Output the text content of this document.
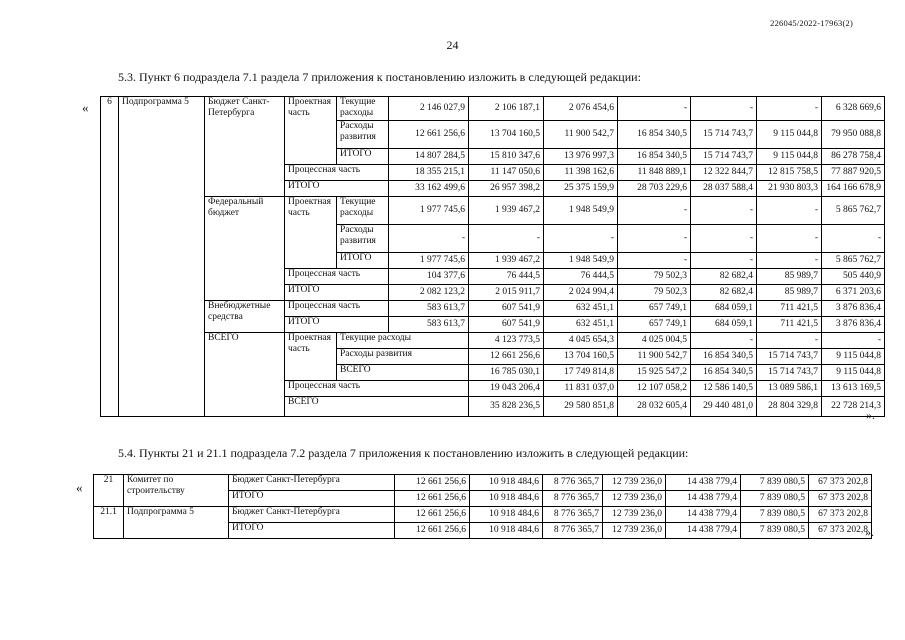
226045/2022-17963(2)
24
5.3. Пункт 6 подраздела 7.1 раздела 7 приложения к постановлению изложить в следующей редакции:
«
».
6	Подпрограмма 5	Бюджет Санкт-Петербурга	Проектная часть	Текущие расходы	2 146 027,9	2 106 187,1	2 076 454,6	-	-	-	6 328 669,6	
				Расходы развития	12 661 256,6	13 704 160,5	11 900 542,7	16 854 340,5	15 714 743,7	9 115 044,8	79 950 088,8	
				ИТОГО	14 807 284,5	15 810 347,6	13 976 997,3	16 854 340,5	15 714 743,7	9 115 044,8	86 278 758,4	
			Процессная часть		18 355 215,1	11 147 050,6	11 398 162,6	11 848 889,1	12 322 844,7	12 815 758,5	77 887 920,5	
			ИТОГО		33 162 499,6	26 957 398,2	25 375 159,9	28 703 229,6	28 037 588,4	21 930 803,3	164 166 678,9	
		Федеральный бюджет	Проектная часть	Текущие расходы	1 977 745,6	1 939 467,2	1 948 549,9	-	-	-	5 865 762,7	
				Расходы развития	-	-	-	-	-	-	-	
				ИТОГО	1 977 745,6	1 939 467,2	1 948 549,9	-	-	-	5 865 762,7	
			Процессная часть		104 377,6	76 444,5	76 444,5	79 502,3	82 682,4	85 989,7	505 440,9	
			ИТОГО		2 082 123,2	2 015 911,7	2 024 994,4	79 502,3	82 682,4	85 989,7	6 371 203,6	
		Внебюджетные средства	Процессная часть		583 613,7	607 541,9	632 451,1	657 749,1	684 059,1	711 421,5	3 876 836,4	
			ИТОГО		583 613,7	607 541,9	632 451,1	657 749,1	684 059,1	711 421,5	3 876 836,4	
		ВСЕГО	Проектная часть	Текущие расходы		4 123 773,5	4 045 654,3	4 025 004,5	-	-	-	
				Расходы развития		12 661 256,6	13 704 160,5	11 900 542,7	16 854 340,5	15 714 743,7	9 115 044,8	
				ВСЕГО		16 785 030,1	17 749 814,8	15 925 547,2	16 854 340,5	15 714 743,7	9 115 044,8	
			Процессная часть			19 043 206,4	11 831 037,0	12 107 058,2	12 586 140,5	13 089 586,1	13 613 169,5	
			ВСЕГО			35 828 236,5	29 580 851,8	28 032 605,4	29 440 481,0	28 804 329,8	22 728 214,3	
5.4. Пункты 21 и 21.1 подраздела 7.2 раздела 7 приложения к постановлению изложить в следующей редакции:
«
».
21	Комитет по строительству	Бюджет Санкт-Петербурга	12 661 256,6	10 918 484,6	8 776 365,7	12 739 236,0	14 438 779,4	7 839 080,5	67 373 202,8
		ИТОГО	12 661 256,6	10 918 484,6	8 776 365,7	12 739 236,0	14 438 779,4	7 839 080,5	67 373 202,8
21.1	Подпрограмма 5	Бюджет Санкт-Петербурга	12 661 256,6	10 918 484,6	8 776 365,7	12 739 236,0	14 438 779,4	7 839 080,5	67 373 202,8
		ИТОГО	12 661 256,6	10 918 484,6	8 776 365,7	12 739 236,0	14 438 779,4	7 839 080,5	67 373 202,8
